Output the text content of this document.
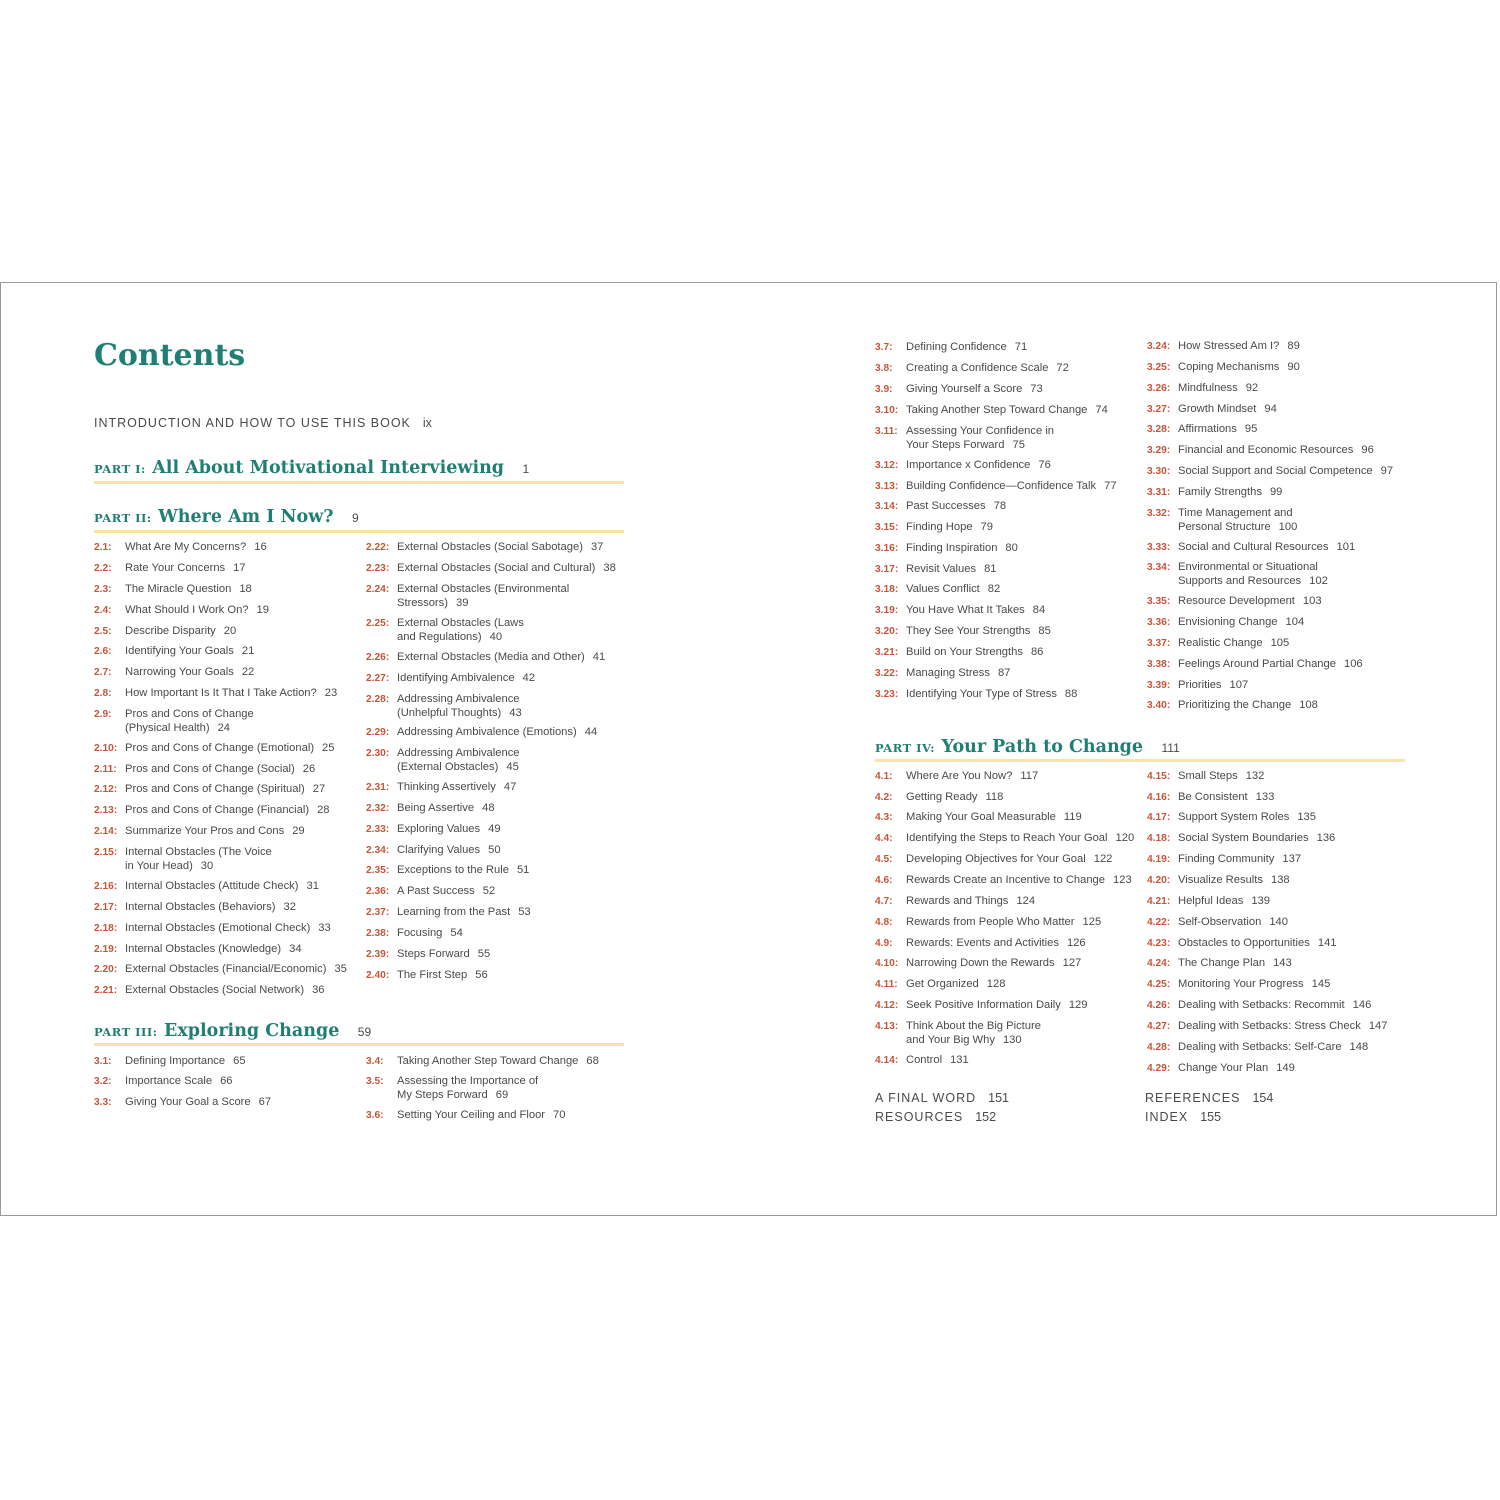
Contents
INTRODUCTION AND HOW TO USE THIS BOOK ix
PART I: All About Motivational Interviewing 1
PART II: Where Am I Now? 9
2.1:	What Are My Concerns? 16
2.2:	Rate Your Concerns 17
2.3:	The Miracle Question 18
2.4:	What Should I Work On? 19
2.5:	Describe Disparity 20
2.6:	Identifying Your Goals 21
2.7:	Narrowing Your Goals 22
2.8:	How Important Is It That I Take Action? 23
2.9:	Pros and Cons of Change
(Physical Health) 24
2.10: Pros and Cons of Change (Emotional) 25
2.11: Pros and Cons of Change (Social) 26
2.12: Pros and Cons of Change (Spiritual) 27
2.13: Pros and Cons of Change (Financial) 28
2.14: Summarize Your Pros and Cons 29
2.15: Internal Obstacles (The Voice
in Your Head) 30
2.16: Internal Obstacles (Attitude Check) 31
2.17: Internal Obstacles (Behaviors) 32
2.18: Internal Obstacles (Emotional Check) 33
2.19: Internal Obstacles (Knowledge) 34
2.20: External Obstacles (Financial/Economic) 35
2.21: External Obstacles (Social Network) 36
2.22: External Obstacles (Social Sabotage) 37
2.23: External Obstacles (Social and Cultural) 38
2.24: External Obstacles (Environmental
Stressors) 39
2.25: External Obstacles (Laws
and Regulations) 40
2.26: External Obstacles (Media and Other) 41
2.27: Identifying Ambivalence 42
2.28: Addressing Ambivalence
(Unhelpful Thoughts) 43
2.29: Addressing Ambivalence (Emotions) 44
2.30: Addressing Ambivalence
(External Obstacles) 45
2.31: Thinking Assertively 47
2.32: Being Assertive 48
2.33: Exploring Values 49
2.34: Clarifying Values 50
2.35: Exceptions to the Rule 51
2.36: A Past Success 52
2.37: Learning from the Past 53
2.38: Focusing 54
2.39: Steps Forward 55
2.40: The First Step 56
PART III: Exploring Change 59
3.1:	Defining Importance 65
3.2:	Importance Scale 66
3.3:	Giving Your Goal a Score 67
3.4:	Taking Another Step Toward Change 68
3.5:	Assessing the Importance of
My Steps Forward 69
3.6:	Setting Your Ceiling and Floor 70
3.7:	Defining Confidence 71
3.8:	Creating a Confidence Scale 72
3.9:	Giving Yourself a Score 73
3.10: Taking Another Step Toward Change 74
3.11: Assessing Your Confidence in
Your Steps Forward 75
3.12: Importance x Confidence 76
3.13: Building Confidence—Confidence Talk 77
3.14: Past Successes 78
3.15: Finding Hope 79
3.16: Finding Inspiration 80
3.17: Revisit Values 81
3.18: Values Conflict 82
3.19: You Have What It Takes 84
3.20: They See Your Strengths 85
3.21: Build on Your Strengths 86
3.22: Managing Stress 87
3.23: Identifying Your Type of Stress 88
3.24: How Stressed Am I? 89
3.25: Coping Mechanisms 90
3.26: Mindfulness 92
3.27: Growth Mindset 94
3.28: Affirmations 95
3.29: Financial and Economic Resources 96
3.30: Social Support and Social Competence 97
3.31: Family Strengths 99
3.32: Time Management and
Personal Structure 100
3.33: Social and Cultural Resources 101
3.34: Environmental or Situational
Supports and Resources 102
3.35: Resource Development 103
3.36: Envisioning Change 104
3.37: Realistic Change 105
3.38: Feelings Around Partial Change 106
3.39: Priorities 107
3.40: Prioritizing the Change 108
PART IV: Your Path to Change 111
4.1:	Where Are You Now? 117
4.2:	Getting Ready 118
4.3:	Making Your Goal Measurable 119
4.4:	Identifying the Steps to Reach Your Goal 120
4.5:	Developing Objectives for Your Goal 122
4.6:	Rewards Create an Incentive to Change 123
4.7:	Rewards and Things 124
4.8:	Rewards from People Who Matter 125
4.9:	Rewards: Events and Activities 126
4.10: Narrowing Down the Rewards 127
4.11: Get Organized 128
4.12: Seek Positive Information Daily 129
4.13: Think About the Big Picture
and Your Big Why 130
4.14: Control 131
4.15: Small Steps 132
4.16: Be Consistent 133
4.17: Support System Roles 135
4.18: Social System Boundaries 136
4.19: Finding Community 137
4.20: Visualize Results 138
4.21: Helpful Ideas 139
4.22: Self-Observation 140
4.23: Obstacles to Opportunities 141
4.24: The Change Plan 143
4.25: Monitoring Your Progress 145
4.26: Dealing with Setbacks: Recommit 146
4.27: Dealing with Setbacks: Stress Check 147
4.28: Dealing with Setbacks: Self-Care 148
4.29: Change Your Plan 149
A FINAL WORD 151
RESOURCES 152
REFERENCES 154
INDEX 155
